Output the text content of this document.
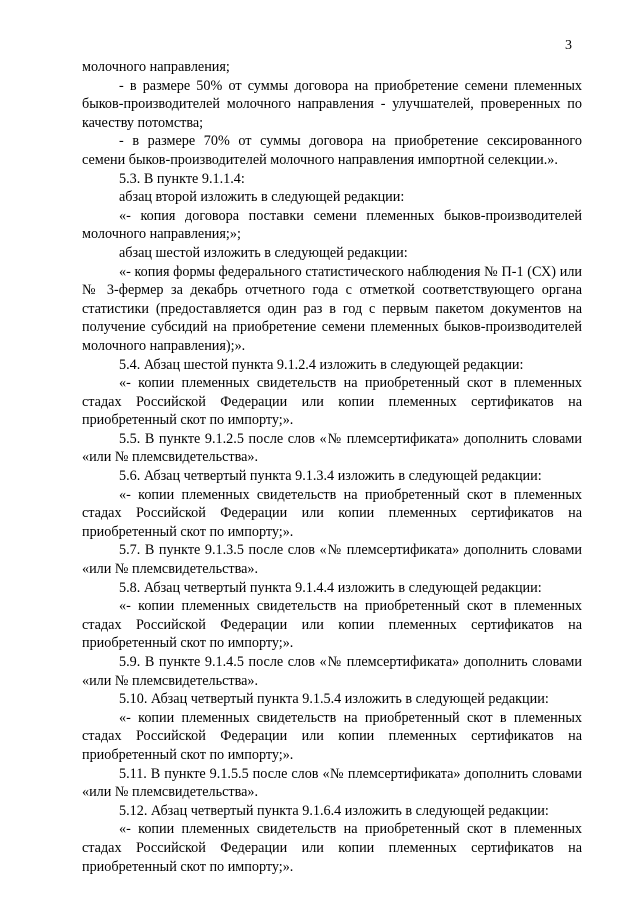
3

молочного направления;

- в размере 50% от суммы договора на приобретение семени племенных быков-производителей молочного направления - улучшателей, проверенных по качеству потомства;

- в размере 70% от суммы договора на приобретение сексированного семени быков-производителей молочного направления импортной селекции.».

5.3. В пункте 9.1.1.4:

абзац второй изложить в следующей редакции:

«- копия договора поставки семени племенных быков-производителей молочного направления;»;

абзац шестой изложить в следующей редакции:

«- копия формы федерального статистического наблюдения № П-1 (СХ) или № 3-фермер за декабрь отчетного года с отметкой соответствующего органа статистики (предоставляется один раз в год с первым пакетом документов на получение субсидий на приобретение семени племенных быков-производителей молочного направления);».

5.4. Абзац шестой пункта 9.1.2.4 изложить в следующей редакции:

«- копии племенных свидетельств на приобретенный скот в племенных стадах Российской Федерации или копии племенных сертификатов на приобретенный скот по импорту;».

5.5. В пункте 9.1.2.5 после слов «№ племсертификата» дополнить словами «или № племсвидетельства».

5.6. Абзац четвертый пункта 9.1.3.4 изложить в следующей редакции:

«- копии племенных свидетельств на приобретенный скот в племенных стадах Российской Федерации или копии племенных сертификатов на приобретенный скот по импорту;».

5.7. В пункте 9.1.3.5 после слов «№ племсертификата» дополнить словами «или № племсвидетельства».

5.8. Абзац четвертый пункта 9.1.4.4 изложить в следующей редакции:

«- копии племенных свидетельств на приобретенный скот в племенных стадах Российской Федерации или копии племенных сертификатов на приобретенный скот по импорту;».

5.9. В пункте 9.1.4.5 после слов «№ племсертификата» дополнить словами «или № племсвидетельства».

5.10. Абзац четвертый пункта 9.1.5.4 изложить в следующей редакции:

«- копии племенных свидетельств на приобретенный скот в племенных стадах Российской Федерации или копии племенных сертификатов на приобретенный скот по импорту;».

5.11. В пункте 9.1.5.5 после слов «№ племсертификата» дополнить словами «или № племсвидетельства».

5.12. Абзац четвертый пункта 9.1.6.4 изложить в следующей редакции:

«- копии племенных свидетельств на приобретенный скот в племенных стадах Российской Федерации или копии племенных сертификатов на приобретенный скот по импорту;».
